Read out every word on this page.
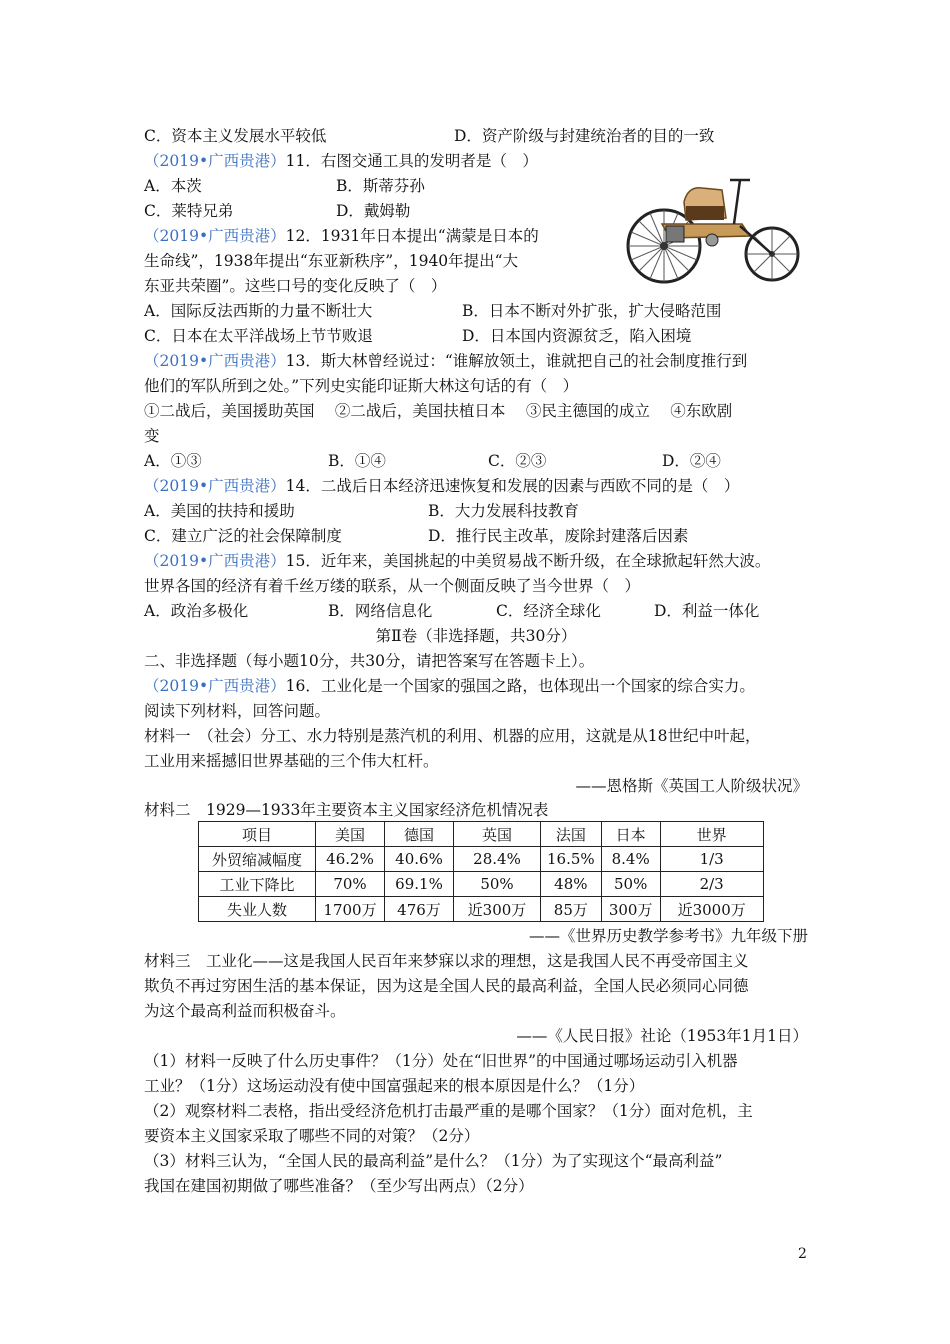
C．资本主义发展水平较低	D．资产阶级与封建统治者的目的一致
（2019•广西贵港）11．右图交通工具的发明者是（　）
A．本茨	B．斯蒂芬孙
C．莱特兄弟	D．戴姆勒
（2019•广西贵港）12．1931年日本提出“满蒙是日本的
生命线”，1938年提出“东亚新秩序”，1940年提出“大
东亚共荣圈”。这些口号的变化反映了（　）
A．国际反法西斯的力量不断壮大	B．日本不断对外扩张，扩大侵略范围
C．日本在太平洋战场上节节败退	D．日本国内资源贫乏，陷入困境
（2019•广西贵港）13．斯大林曾经说过：“谁解放领土，谁就把自己的社会制度推行到
他们的军队所到之处。”下列史实能印证斯大林这句话的有（　）
①二战后，美国援助英国　 ②二战后，美国扶植日本　 ③民主德国的成立　 ④东欧剧
变
A．①③	B．①④	C．②③	D．②④
（2019•广西贵港）14．二战后日本经济迅速恢复和发展的因素与西欧不同的是（　）
A．美国的扶持和援助	B．大力发展科技教育
C．建立广泛的社会保障制度	D．推行民主改革，废除封建落后因素
（2019•广西贵港）15．近年来，美国挑起的中美贸易战不断升级，在全球掀起轩然大波。
世界各国的经济有着千丝万缕的联系，从一个侧面反映了当今世界（　）
A．政治多极化	B．网络信息化	C．经济全球化	D．利益一体化
第Ⅱ卷（非选择题，共30分）
二、非选择题（每小题10分，共30分，请把答案写在答题卡上）。
（2019•广西贵港）16．工业化是一个国家的强国之路，也体现出一个国家的综合实力。
阅读下列材料，回答问题。
材料一　（社会）分工、水力特别是蒸汽机的利用、机器的应用，这就是从18世纪中叶起，
工业用来摇撼旧世界基础的三个伟大杠杆。
——恩格斯《英国工人阶级状况》
材料二　1929—1933年主要资本主义国家经济危机情况表
项目	美国	德国	英国	法国	日本	世界
外贸缩减幅度	46.2%	40.6%	28.4%	16.5%	8.4%	1/3
工业下降比	70%	69.1%	50%	48%	50%	2/3
失业人数	1700万	476万	近300万	85万	300万	近3000万
——《世界历史教学参考书》九年级下册
材料三　工业化——这是我国人民百年来梦寐以求的理想，这是我国人民不再受帝国主义
欺负不再过穷困生活的基本保证，因为这是全国人民的最高利益，全国人民必须同心同德
为这个最高利益而积极奋斗。
——《人民日报》社论（1953年1月1日）
（1）材料一反映了什么历史事件？（1分）处在“旧世界”的中国通过哪场运动引入机器
工业？（1分）这场运动没有使中国富强起来的根本原因是什么？（1分）
（2）观察材料二表格，指出受经济危机打击最严重的是哪个国家？（1分）面对危机，主
要资本主义国家采取了哪些不同的对策？（2分）
（3）材料三认为，“全国人民的最高利益”是什么？（1分）为了实现这个“最高利益”
我国在建国初期做了哪些准备？（至少写出两点）（2分）
2
